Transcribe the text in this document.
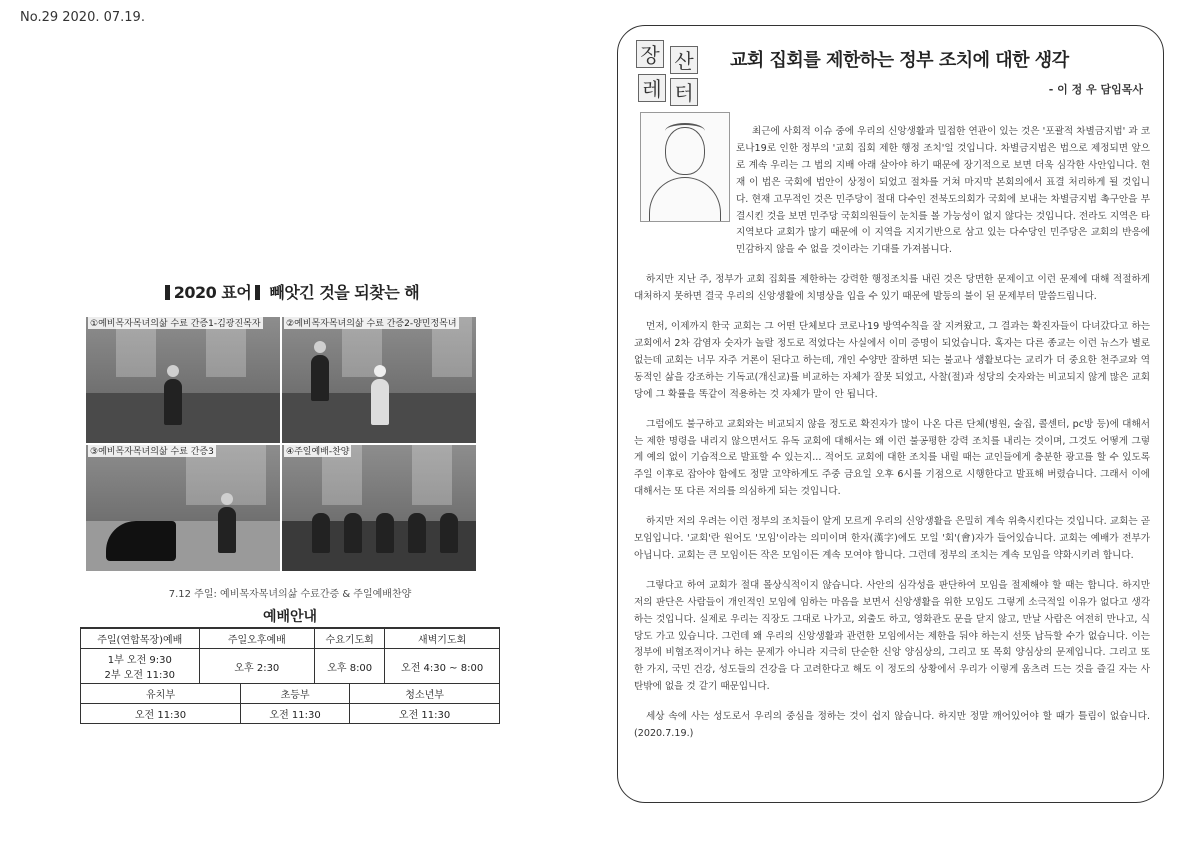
No.29 2020. 07.19.
2020 표어 빼앗긴 것을 되찾는 해
①예비목자목녀의삶 수료 간증1-김광진목자	②예비목자목녀의삶 수료 간증2-양민정목녀
③예비목자목녀의삶 수료 간증3	④주일예배-찬양
7.12 주일: 예비목자목녀의삶 수료간증 & 주일예배찬양
예배안내
주일(연합목장)예배	주일오후예배		수요기도회		새벽기도회

1부 오전 9:30
2부 오전 11:30	오후 2:30		오후 8:00		오전 4:30 ~ 8:00
유치부		초등부		청소년부	
오전 11:30		오전 11:30		오전 11:30	
장 산
레 터
교회 집회를 제한하는 정부 조치에 대한 생각
- 이 정 우 담임목사

최근에 사회적 이슈 중에 우리의 신앙생활과 밀접한 연관이 있는 것은 '포괄적 차별금지법' 과 코로나19로 인한 정부의 '교회 집회 제한 행정 조치'일 것입니다. 차별금지법은 법으로 제정되면 앞으로 계속 우리는 그 법의 지배 아래 살아야 하기 때문에 장기적으로 보면 더욱 심각한 사안입니다. 현재 이 법은 국회에 법안이 상정이 되었고 절차를 거쳐 마지막 본회의에서 표결 처리하게 될 것입니다. 현재 고무적인 것은 민주당이 절대 다수인 전북도의회가 국회에 보내는 차별금지법 촉구안을 부결시킨 것을 보면 민주당 국회의원들이 눈치를 볼 가능성이 없지 않다는 것입니다. 전라도 지역은 타 지역보다 교회가 많기 때문에 이 지역을 지지기반으로 삼고 있는 다수당인 민주당은 교회의 반응에 민감하지 않을 수 없을 것이라는 기대를 가져봅니다.

하지만 지난 주, 정부가 교회 집회를 제한하는 강력한 행정조치를 내린 것은 당면한 문제이고 이런 문제에 대해 적절하게 대처하지 못하면 결국 우리의 신앙생활에 치명상을 입을 수 있기 때문에 발등의 불이 된 문제부터 말씀드립니다.

먼저, 이제까지 한국 교회는 그 어떤 단체보다 코로나19 방역수칙을 잘 지켜왔고, 그 결과는 확진자들이 다녀갔다고 하는 교회에서 2차 감염자 숫자가 놀랄 정도로 적었다는 사실에서 이미 증명이 되었습니다. 혹자는 다른 종교는 이런 뉴스가 별로 없는데 교회는 너무 자주 거론이 된다고 하는데, 개인 수양만 잘하면 되는 불교나 생활보다는 교리가 더 중요한 천주교와 역동적인 삶을 강조하는 기독교(개신교)를 비교하는 자체가 잘못 되었고, 사찰(절)과 성당의 숫자와는 비교되지 않게 많은 교회당에 그 확률을 똑같이 적용하는 것 자체가 말이 안 됩니다.

그럼에도 불구하고 교회와는 비교되지 않을 정도로 확진자가 많이 나온 다른 단체(병원, 술집, 콜센터, pc방 등)에 대해서는 제한 명령을 내리지 않으면서도 유독 교회에 대해서는 왜 이런 불공평한 강력 조치를 내리는 것이며, 그것도 어떻게 그렇게 예의 없이 기습적으로 발표할 수 있는지... 적어도 교회에 대한 조치를 내릴 때는 교인들에게 충분한 광고를 할 수 있도록 주일 이후로 잡아야 함에도 정말 고약하게도 주중 금요일 오후 6시를 기점으로 시행한다고 발표해 버렸습니다. 그래서 이에 대해서는 또 다른 저의를 의심하게 되는 것입니다.

하지만 저의 우려는 이런 정부의 조치들이 알게 모르게 우리의 신앙생활을 은밀히 계속 위축시킨다는 것입니다. 교회는 곧 모임입니다. '교회'란 원어도 '모임'이라는 의미이며 한자(漢字)에도 모일 '회'(會)자가 들어있습니다. 교회는 예배가 전부가 아닙니다. 교회는 큰 모임이든 작은 모임이든 계속 모여야 합니다. 그런데 정부의 조치는 계속 모임을 약화시키려 합니다.

그렇다고 하여 교회가 절대 몰상식적이지 않습니다. 사안의 심각성을 판단하여 모임을 절제해야 할 때는 합니다. 하지만 저의 판단은 사람들이 개인적인 모임에 임하는 마음을 보면서 신앙생활을 위한 모임도 그렇게 소극적일 이유가 없다고 생각하는 것입니다. 실제로 우리는 직장도 그대로 나가고, 외출도 하고, 영화관도 문을 닫지 않고, 만날 사람은 여전히 만나고, 식당도 가고 있습니다. 그런데 왜 우리의 신앙생활과 관련한 모임에서는 제한을 둬야 하는지 선뜻 납득할 수가 없습니다. 이는 정부에 비협조적이거나 하는 문제가 아니라 지극히 단순한 신앙 양심상의, 그리고 또 목회 양심상의 문제입니다. 그리고 또 한 가지, 국민 건강, 성도들의 건강을 다 고려한다고 해도 이 정도의 상황에서 우리가 이렇게 움츠려 드는 것을 즐길 자는 사탄밖에 없을 것 같기 때문입니다.

세상 속에 사는 성도로서 우리의 중심을 정하는 것이 쉽지 않습니다. 하지만 정말 깨어있어야 할 때가 틀림이 없습니다.(2020.7.19.)
